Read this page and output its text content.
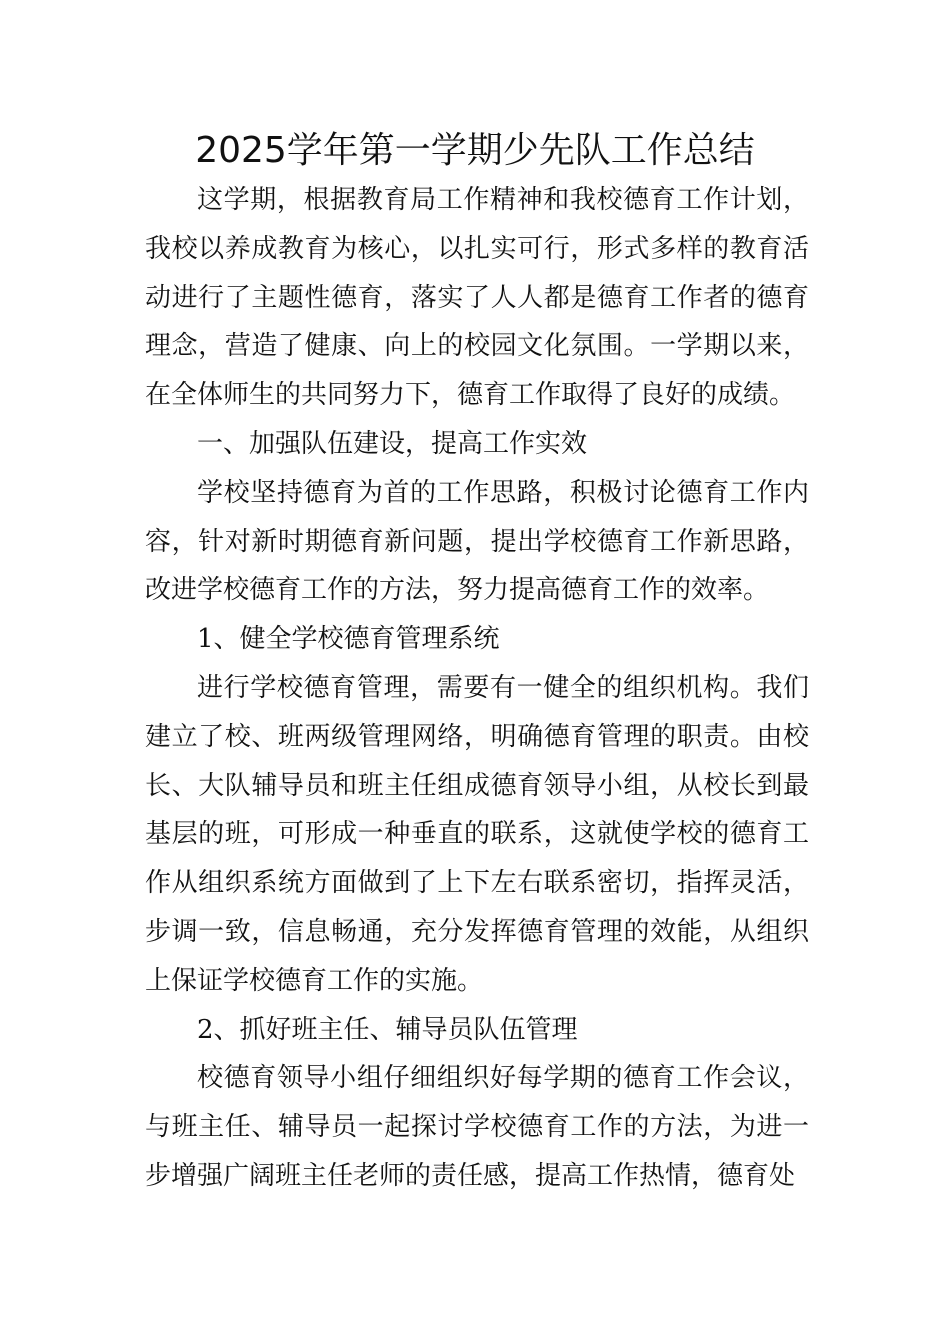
2025学年第一学期少先队工作总结

这学期，根据教育局工作精神和我校德育工作计划，我校以养成教育为核心，以扎实可行，形式多样的教育活动进行了主题性德育，落实了人人都是德育工作者的德育理念，营造了健康、向上的校园文化氛围。一学期以来，在全体师生的共同努力下，德育工作取得了良好的成绩。

一、加强队伍建设，提高工作实效

学校坚持德育为首的工作思路，积极讨论德育工作内容，针对新时期德育新问题，提出学校德育工作新思路，改进学校德育工作的方法，努力提高德育工作的效率。

1、健全学校德育管理系统

进行学校德育管理，需要有一健全的组织机构。我们建立了校、班两级管理网络，明确德育管理的职责。由校长、大队辅导员和班主任组成德育领导小组，从校长到最基层的班，可形成一种垂直的联系，这就使学校的德育工作从组织系统方面做到了上下左右联系密切，指挥灵活，步调一致，信息畅通，充分发挥德育管理的效能，从组织上保证学校德育工作的实施。

2、抓好班主任、辅导员队伍管理

校德育领导小组仔细组织好每学期的德育工作会议，与班主任、辅导员一起探讨学校德育工作的方法，为进一步增强广阔班主任老师的责任感，提高工作热情，德育处
